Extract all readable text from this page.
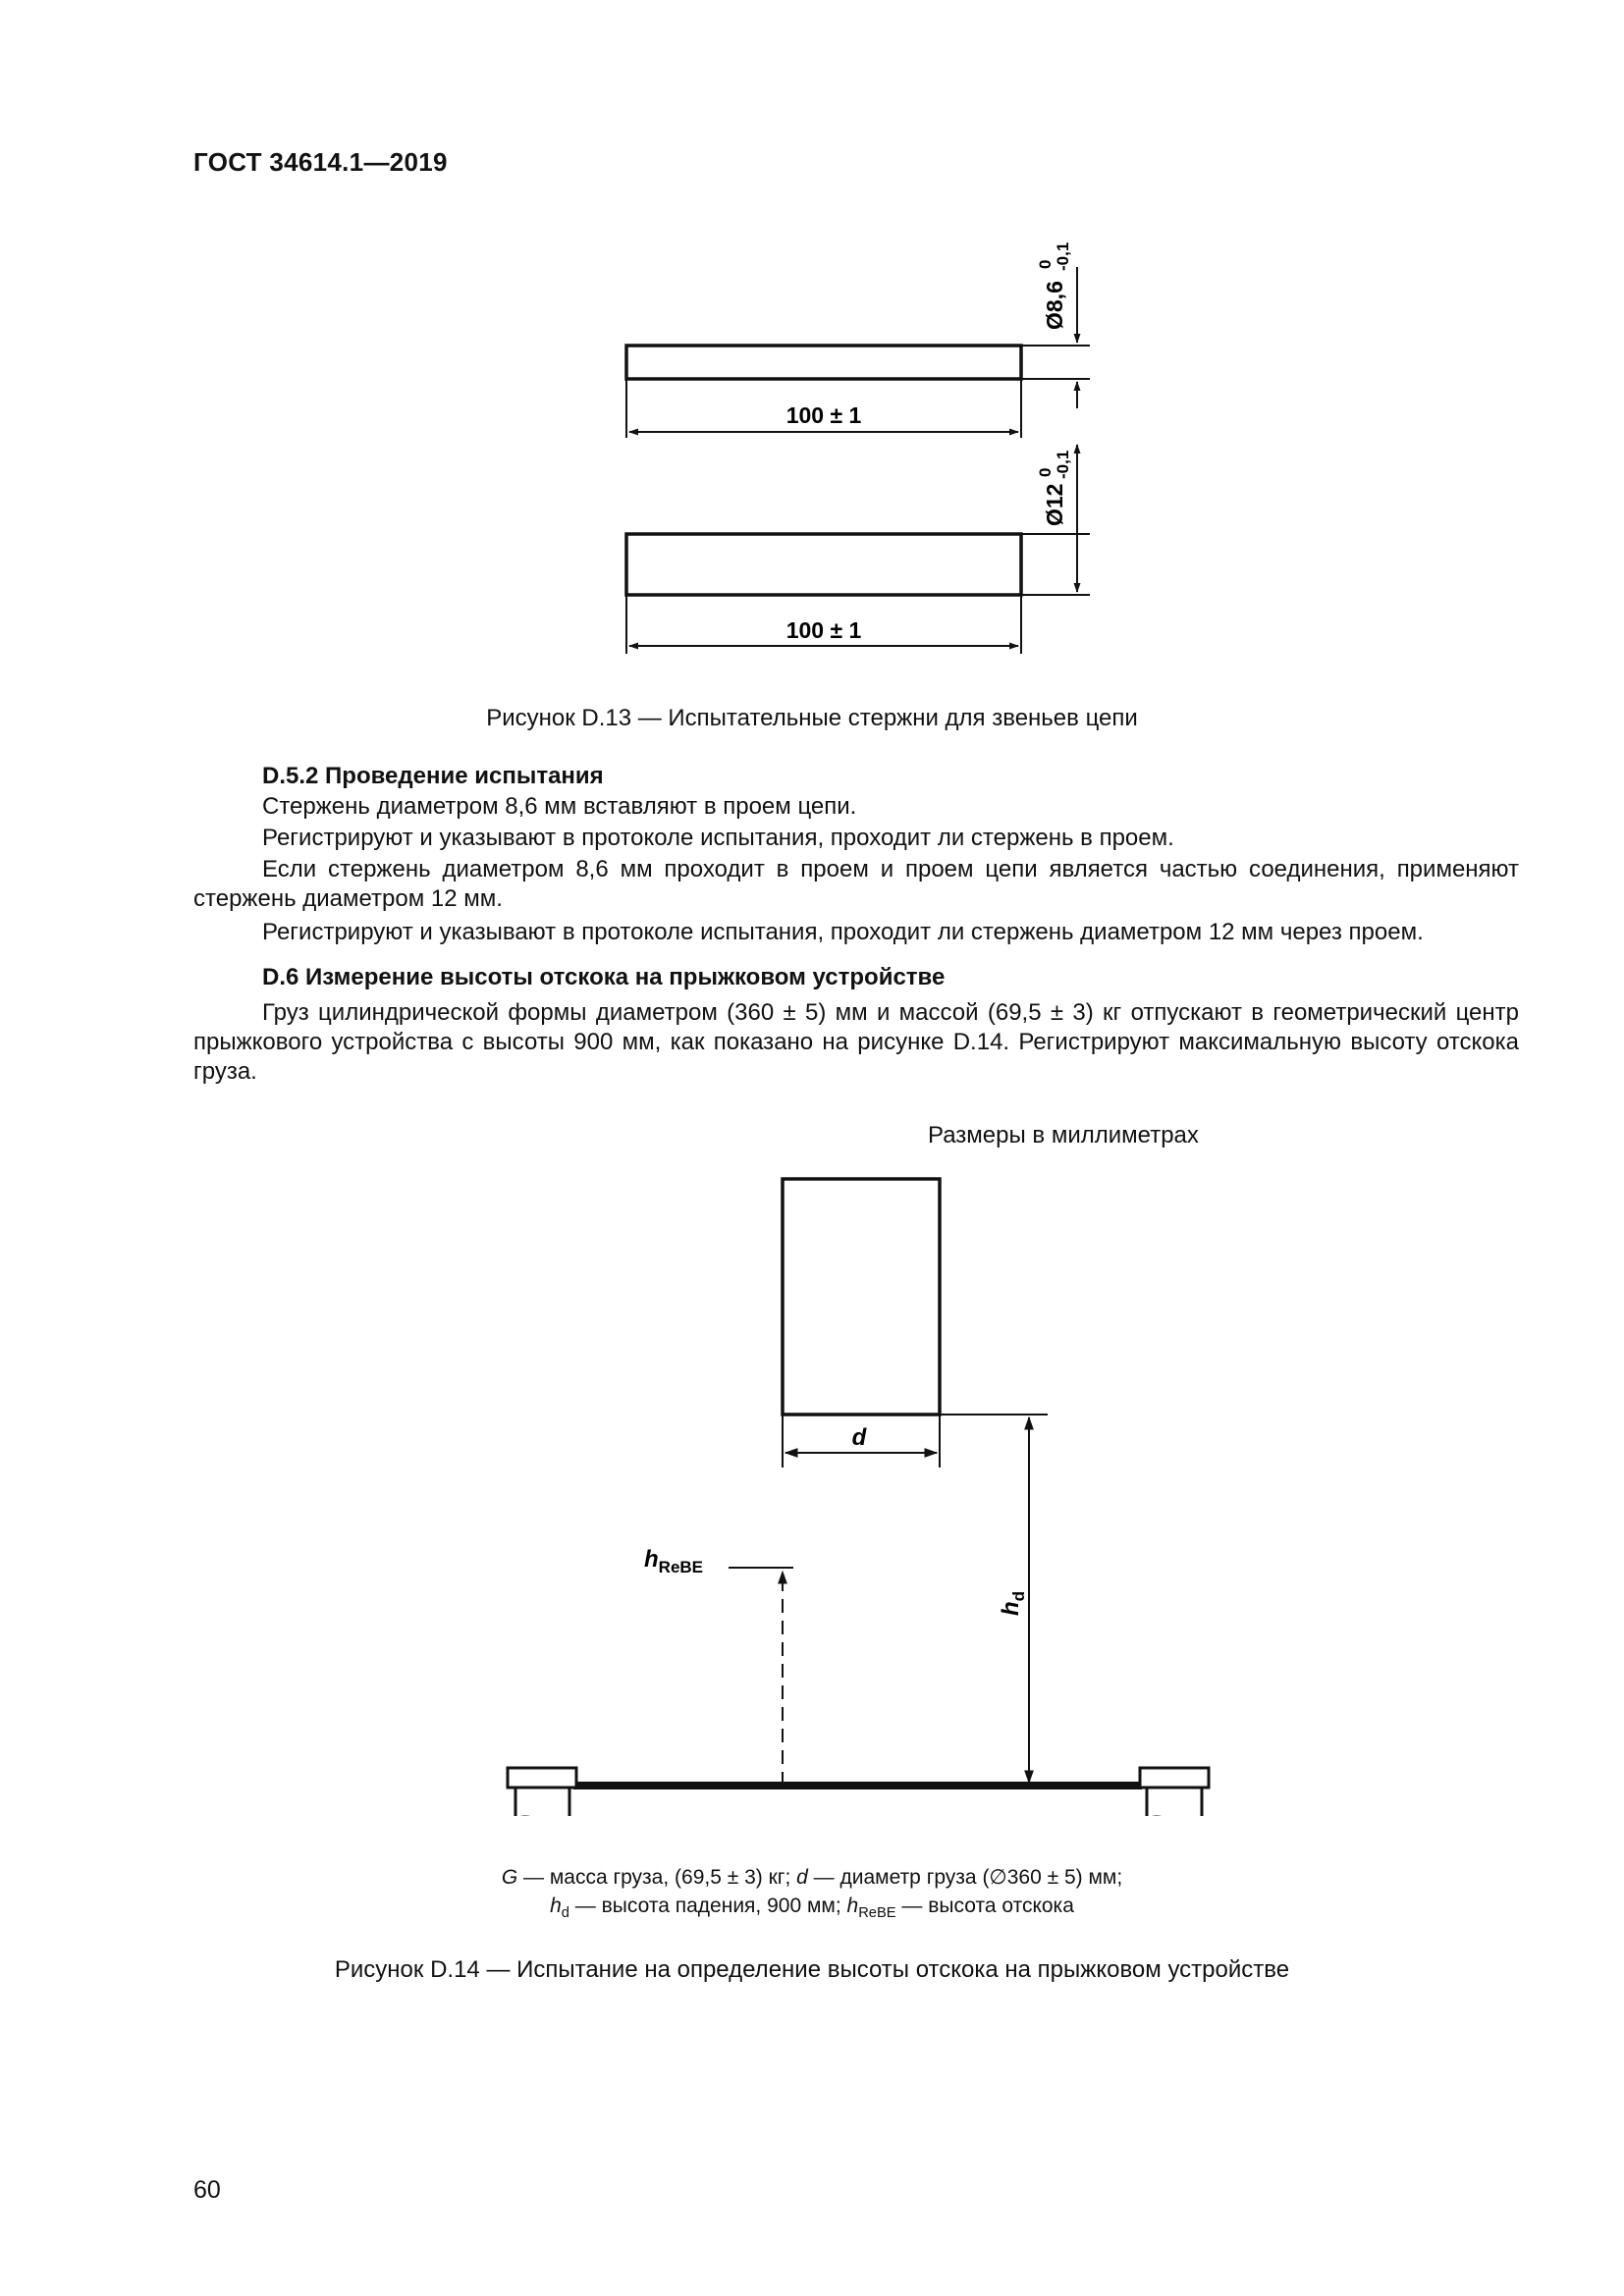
ГОСТ 34614.1—2019
100 ± 1
Ø8,6
0 -0,1
100 ± 1
Ø12
0 -0,1
Рисунок D.13 — Испытательные стержни для звеньев цепи
D.5.2 Проведение испытания
Стержень диаметром 8,6 мм вставляют в проем цепи.
Регистрируют и указывают в протоколе испытания, проходит ли стержень в проем.
Если стержень диаметром 8,6 мм проходит в проем и проем цепи является частью соединения, применяют стержень диаметром 12 мм.
Регистрируют и указывают в протоколе испытания, проходит ли стержень диаметром 12 мм через проем.
D.6 Измерение высоты отскока на прыжковом устройстве
Груз цилиндрической формы диаметром (360 ± 5) мм и массой (69,5 ± 3) кг отпускают в геометрический центр прыжкового устройства с высоты 900 мм, как показано на рисунке D.14. Регистрируют максимальную высоту отскока груза.
Размеры в миллиметрах
d
$h_d$
$h_{ReBE}$
G — масса груза, (69,5 ± 3) кг; d — диаметр груза (∅360 ± 5) мм;
$h_d$ — высота падения, 900 мм; $h_{ReBE}$ — высота отскока
Рисунок D.14 — Испытание на определение высоты отскока на прыжковом устройстве
60
